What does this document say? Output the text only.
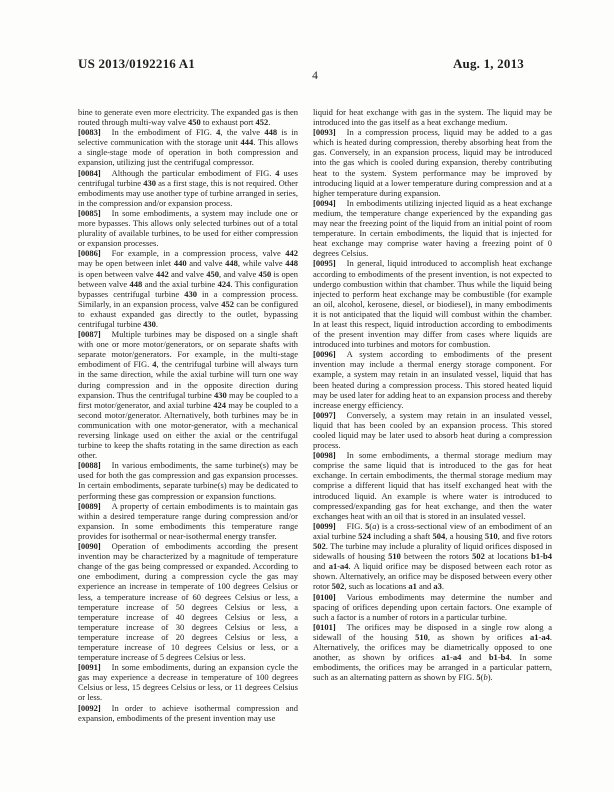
US 2013/0192216 A1	Aug. 1, 2013
4

bine to generate even more electricity. The expanded gas is then routed through multi-way valve 450 to exhaust port 452.

[0083] In the embodiment of FIG. 4, the valve 448 is in selective communication with the storage unit 444. This allows a single-stage mode of operation in both compression and expansion, utilizing just the centrifugal compressor.

[0084] Although the particular embodiment of FIG. 4 uses centrifugal turbine 430 as a first stage, this is not required. Other embodiments may use another type of turbine arranged in series, in the compression and/or expansion process.

[0085] In some embodiments, a system may include one or more bypasses. This allows only selected turbines out of a total plurality of available turbines, to be used for either compression or expansion processes.

[0086] For example, in a compression process, valve 442 may be open between inlet 440 and valve 448, while valve 448 is open between valve 442 and valve 450, and valve 450 is open between valve 448 and the axial turbine 424. This configuration bypasses centrifugal turbine 430 in a compression process. Similarly, in an expansion process, valve 452 can be configured to exhaust expanded gas directly to the outlet, bypassing centrifugal turbine 430.

[0087] Multiple turbines may be disposed on a single shaft with one or more motor/generators, or on separate shafts with separate motor/generators. For example, in the multi-stage embodiment of FIG. 4, the centrifugal turbine will always turn in the same direction, while the axial turbine will turn one way during compression and in the opposite direction during expansion. Thus the centrifugal turbine 430 may be coupled to a first motor/generator, and axial turbine 424 may be coupled to a second motor/generator. Alternatively, both turbines may be in communication with one motor-generator, with a mechanical reversing linkage used on either the axial or the centrifugal turbine to keep the shafts rotating in the same direction as each other.

[0088] In various embodiments, the same turbine(s) may be used for both the gas compression and gas expansion processes. In certain embodiments, separate turbine(s) may be dedicated to performing these gas compression or expansion functions.

[0089] A property of certain embodiments is to maintain gas within a desired temperature range during compression and/or expansion. In some embodiments this temperature range provides for isothermal or near-isothermal energy transfer.

[0090] Operation of embodiments according the present invention may be characterized by a magnitude of temperature change of the gas being compressed or expanded. According to one embodiment, during a compression cycle the gas may experience an increase in temperate of 100 degrees Celsius or less, a temperature increase of 60 degrees Celsius or less, a temperature increase of 50 degrees Celsius or less, a temperature increase of 40 degrees Celsius or less, a temperature increase of 30 degrees Celsius or less, a temperature increase of 20 degrees Celsius or less, a temperature increase of 10 degrees Celsius or less, or a temperature increase of 5 degrees Celsius or less.

[0091] In some embodiments, during an expansion cycle the gas may experience a decrease in temperature of 100 degrees Celsius or less, 15 degrees Celsius or less, or 11 degrees Celsius or less.

[0092] In order to achieve isothermal compression and expansion, embodiments of the present invention may use

liquid for heat exchange with gas in the system. The liquid may be introduced into the gas itself as a heat exchange medium.

[0093] In a compression process, liquid may be added to a gas which is heated during compression, thereby absorbing heat from the gas. Conversely, in an expansion process, liquid may be introduced into the gas which is cooled during expansion, thereby contributing heat to the system. System performance may be improved by introducing liquid at a lower temperature during compression and at a higher temperature during expansion.

[0094] In embodiments utilizing injected liquid as a heat exchange medium, the temperature change experienced by the expanding gas may near the freezing point of the liquid from an initial point of room temperature. In certain embodiments, the liquid that is injected for heat exchange may comprise water having a freezing point of 0 degrees Celsius.

[0095] In general, liquid introduced to accomplish heat exchange according to embodiments of the present invention, is not expected to undergo combustion within that chamber. Thus while the liquid being injected to perform heat exchange may be combustible (for example an oil, alcohol, kerosene, diesel, or biodiesel), in many embodiments it is not anticipated that the liquid will combust within the chamber. In at least this respect, liquid introduction according to embodiments of the present invention may differ from cases where liquids are introduced into turbines and motors for combustion.

[0096] A system according to embodiments of the present invention may include a thermal energy storage component. For example, a system may retain in an insulated vessel, liquid that has been heated during a compression process. This stored heated liquid may be used later for adding heat to an expansion process and thereby increase energy efficiency.

[0097] Conversely, a system may retain in an insulated vessel, liquid that has been cooled by an expansion process. This stored cooled liquid may be later used to absorb heat during a compression process.

[0098] In some embodiments, a thermal storage medium may comprise the same liquid that is introduced to the gas for heat exchange. In certain embodiments, the thermal storage medium may comprise a different liquid that has itself exchanged heat with the introduced liquid. An example is where water is introduced to compressed/expanding gas for heat exchange, and then the water exchanges heat with an oil that is stored in an insulated vessel.

[0099] FIG. 5(a) is a cross-sectional view of an embodiment of an axial turbine 524 including a shaft 504, a housing 510, and five rotors 502. The turbine may include a plurality of liquid orifices disposed in sidewalls of housing 510 between the rotors 502 at locations b1-b4 and a1-a4. A liquid orifice may be disposed between each rotor as shown. Alternatively, an orifice may be disposed between every other rotor 502, such as locations a1 and a3.

[0100] Various embodiments may determine the number and spacing of orifices depending upon certain factors. One example of such a factor is a number of rotors in a particular turbine.

[0101] The orifices may be disposed in a single row along a sidewall of the housing 510, as shown by orifices a1-a4. Alternatively, the orifices may be diametrically opposed to one another, as shown by orifices a1-a4 and b1-b4. In some embodiments, the orifices may be arranged in a particular pattern, such as an alternating pattern as shown by FIG. 5(b).
